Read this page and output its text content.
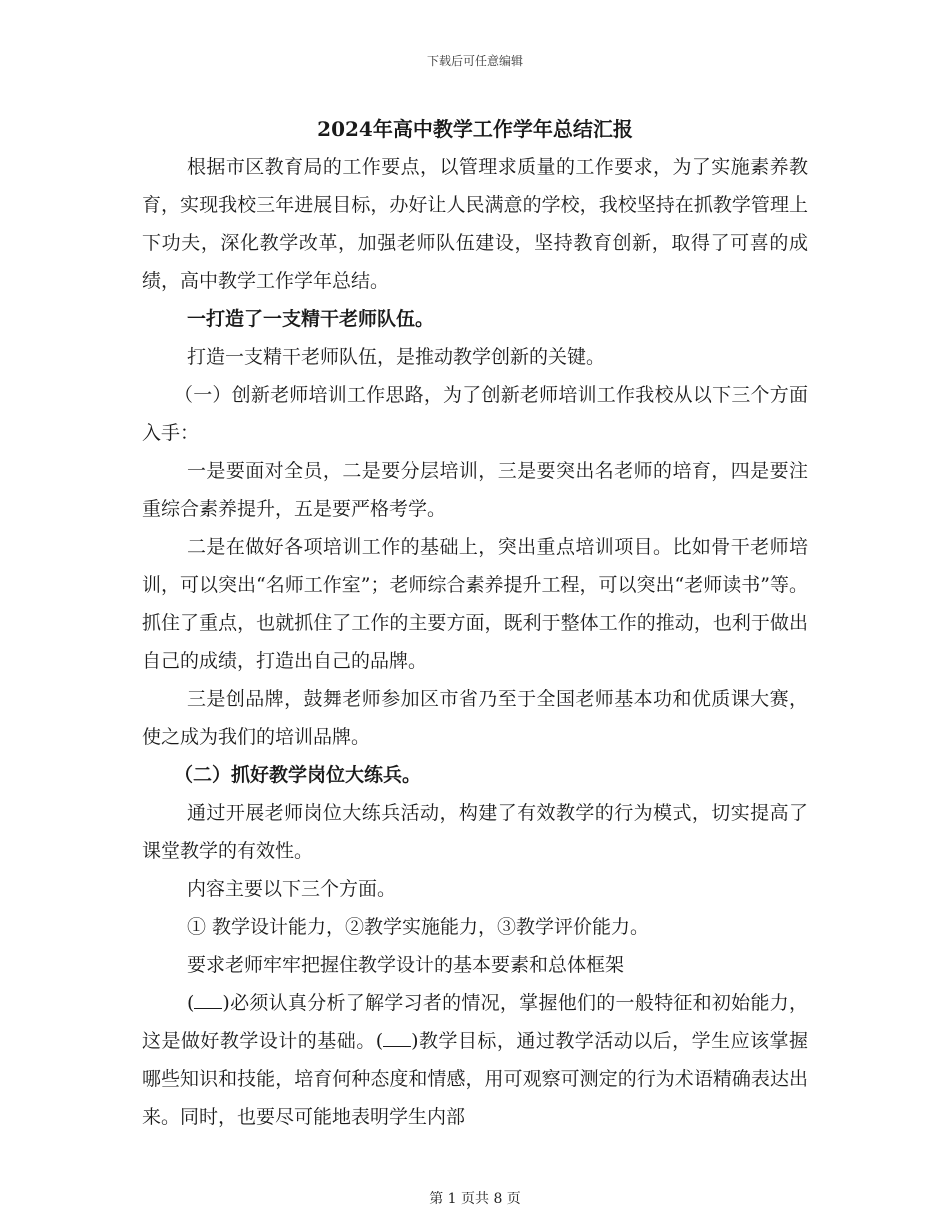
下载后可任意编辑

2024年高中教学工作学年总结汇报

根据市区教育局的工作要点，以管理求质量的工作要求，为了实施素养教育，实现我校三年进展目标，办好让人民满意的学校，我校坚持在抓教学管理上下功夫，深化教学改革，加强老师队伍建设，坚持教育创新，取得了可喜的成绩，高中教学工作学年总结。

一打造了一支精干老师队伍。

打造一支精干老师队伍，是推动教学创新的关键。

（一）创新老师培训工作思路，为了创新老师培训工作我校从以下三个方面入手：

一是要面对全员，二是要分层培训，三是要突出名老师的培育，四是要注重综合素养提升，五是要严格考学。

二是在做好各项培训工作的基础上，突出重点培训项目。比如骨干老师培训，可以突出“名师工作室”；老师综合素养提升工程，可以突出“老师读书”等。抓住了重点，也就抓住了工作的主要方面，既利于整体工作的推动，也利于做出自己的成绩，打造出自己的品牌。

三是创品牌，鼓舞老师参加区市省乃至于全国老师基本功和优质课大赛，使之成为我们的培训品牌。

（二）抓好教学岗位大练兵。

通过开展老师岗位大练兵活动，构建了有效教学的行为模式，切实提高了课堂教学的有效性。

内容主要以下三个方面。

① 教学设计能力，②教学实施能力，③教学评价能力。

要求老师牢牢把握住教学设计的基本要素和总体框架

( )必须认真分析了解学习者的情况，掌握他们的一般特征和初始能力，这是做好教学设计的基础。( )教学目标，通过教学活动以后，学生应该掌握哪些知识和技能，培育何种态度和情感，用可观察可测定的行为术语精确表达出来。同时，也要尽可能地表明学生内部

第 1 页共 8 页
